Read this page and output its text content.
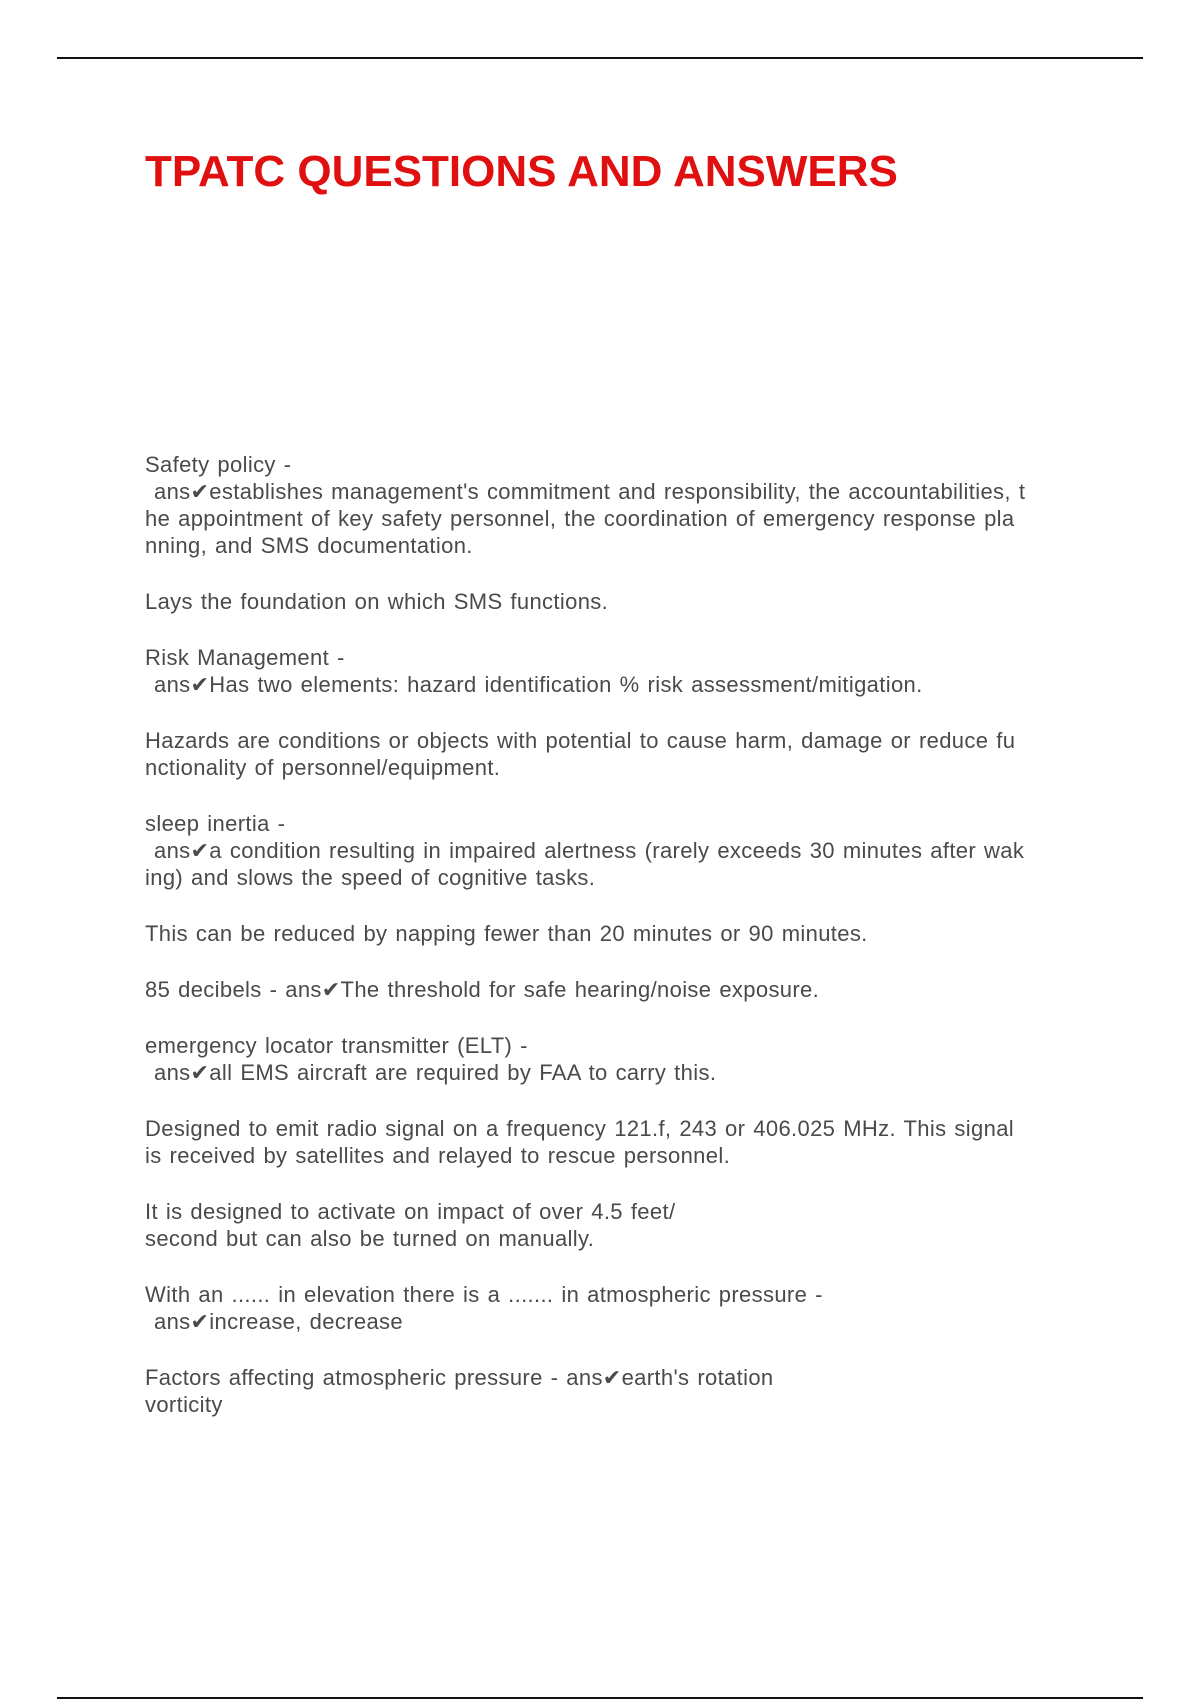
TPATC QUESTIONS AND ANSWERS

Safety policy -
ans✔establishes management's commitment and responsibility, the accountabilities, t
he appointment of key safety personnel, the coordination of emergency response pla
nning, and SMS documentation.

Lays the foundation on which SMS functions.

Risk Management -
ans✔Has two elements: hazard identification % risk assessment/mitigation.

Hazards are conditions or objects with potential to cause harm, damage or reduce fu
nctionality of personnel/equipment.

sleep inertia -
ans✔a condition resulting in impaired alertness (rarely exceeds 30 minutes after wak
ing) and slows the speed of cognitive tasks.

This can be reduced by napping fewer than 20 minutes or 90 minutes.

85 decibels - ans✔The threshold for safe hearing/noise exposure.

emergency locator transmitter (ELT) -
ans✔all EMS aircraft are required by FAA to carry this.

Designed to emit radio signal on a frequency 121.f, 243 or 406.025 MHz. This signal
is received by satellites and relayed to rescue personnel.

It is designed to activate on impact of over 4.5 feet/
second but can also be turned on manually.

With an ...... in elevation there is a ....... in atmospheric pressure -
ans✔increase, decrease

Factors affecting atmospheric pressure - ans✔earth's rotation
vorticity
